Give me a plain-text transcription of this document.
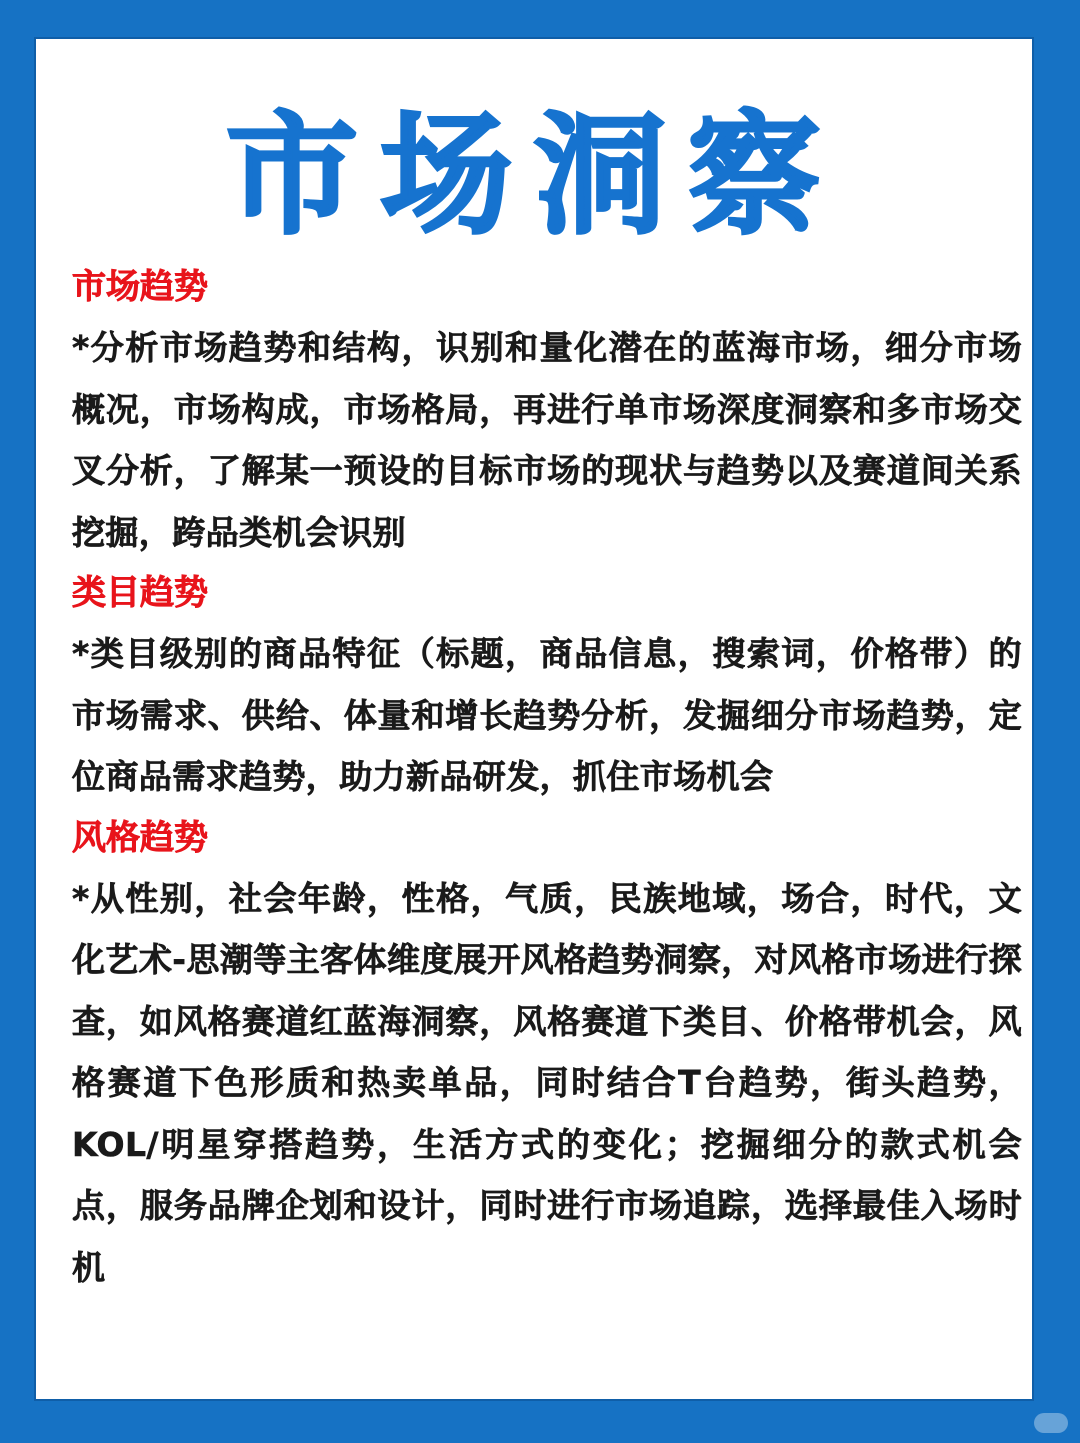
市场洞察

市场趋势

*分析市场趋势和结构，识别和量化潜在的蓝海市场，细分市场概况，市场构成，市场格局，再进行单市场深度洞察和多市场交叉分析，了解某一预设的目标市场的现状与趋势以及赛道间关系挖掘，跨品类机会识别

类目趋势

*类目级别的商品特征（标题，商品信息，搜索词，价格带）的市场需求、供给、体量和增长趋势分析，发掘细分市场趋势，定位商品需求趋势，助力新品研发，抓住市场机会

风格趋势

*从性别，社会年龄，性格，气质，民族地域，场合，时代，文化艺术-思潮等主客体维度展开风格趋势洞察，对风格市场进行探查，如风格赛道红蓝海洞察，风格赛道下类目、价格带机会，风格赛道下色形质和热卖单品，同时结合T台趋势，街头趋势，KOL/明星穿搭趋势，生活方式的变化；挖掘细分的款式机会点，服务品牌企划和设计，同时进行市场追踪，选择最佳入场时机
